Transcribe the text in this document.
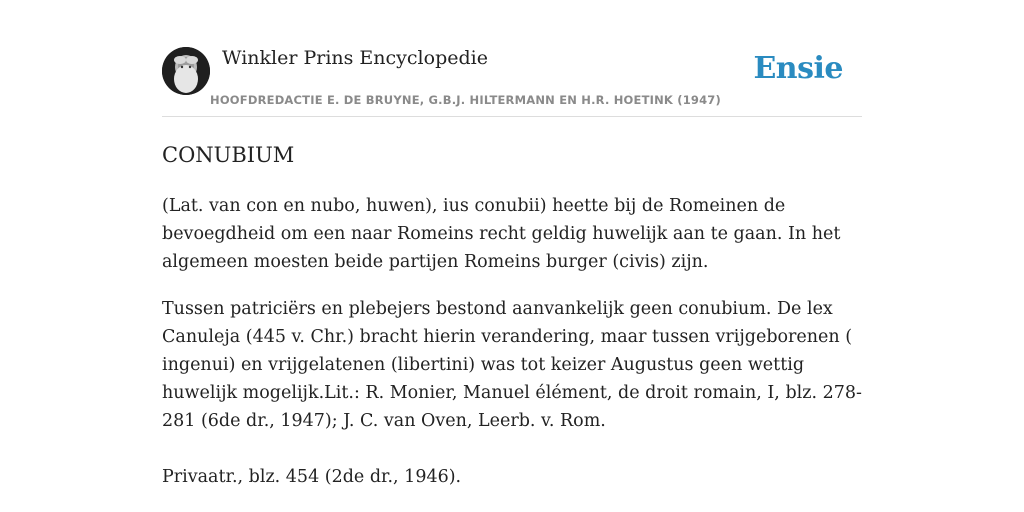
Winkler Prins Encyclopedie
HOOFDREDACTIE E. DE BRUYNE, G.B.J. HILTERMANN EN H.R. HOETINK (1947)
Ensie
CONUBIUM

(Lat. van con en nubo, huwen), ius conubii) heette bij de Romeinen de bevoegdheid om een naar Romeins recht geldig huwelijk aan te gaan. In het algemeen moesten beide partijen Romeins burger (civis) zijn.

Tussen patriciërs en plebejers bestond aanvankelijk geen conubium. De lex Canuleja (445 v. Chr.) bracht hierin verandering, maar tussen vrijgeborenen ( ingenui) en vrijgelatenen (libertini) was tot keizer Augustus geen wettig huwelijk mogelijk.Lit.: R. Monier, Manuel élément, de droit romain, I, blz. 278-281 (6de dr., 1947); J. C. van Oven, Leerb. v. Rom.

Privaatr., blz. 454 (2de dr., 1946).
